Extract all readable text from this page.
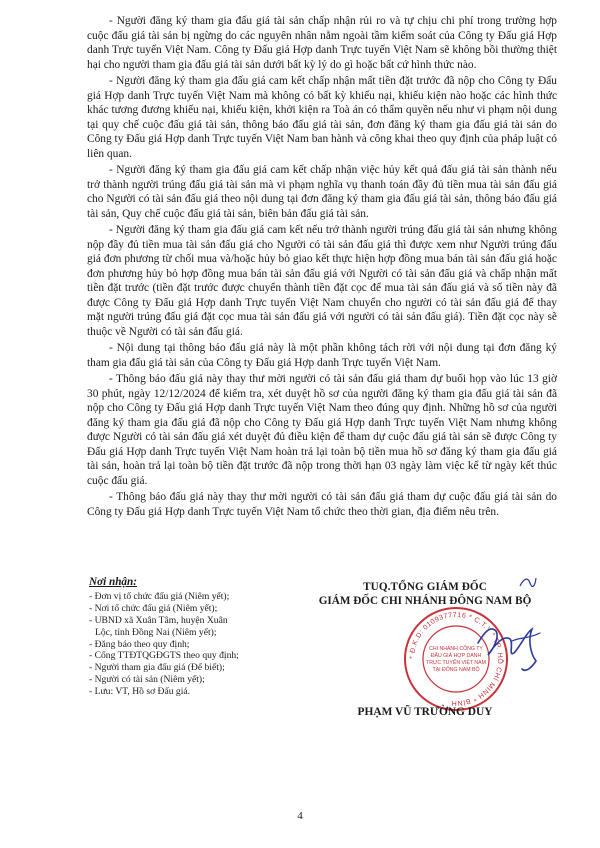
- Người đăng ký tham gia đấu giá tài sản chấp nhận rủi ro và tự chịu chi phí trong trường hợp cuộc đấu giá tài sản bị ngừng do các nguyên nhân nằm ngoài tầm kiểm soát của Công ty Đấu giá Hợp danh Trực tuyến Việt Nam. Công ty Đấu giá Hợp danh Trực tuyến Việt Nam sẽ không bồi thường thiệt hại cho người tham gia đấu giá tài sản dưới bất kỳ lý do gì hoặc bất cứ hình thức nào.

- Người đăng ký tham gia đấu giá cam kết chấp nhận mất tiền đặt trước đã nộp cho Công ty Đấu giá Hợp danh Trực tuyến Việt Nam mà không có bất kỳ khiếu nại, khiếu kiện nào hoặc các hình thức khác tương đương khiếu nại, khiếu kiện, khởi kiện ra Toà án có thẩm quyền nếu như vi phạm nội dung tại quy chế cuộc đấu giá tài sản, thông báo đấu giá tài sản, đơn đăng ký tham gia đấu giá tài sản do Công ty Đấu giá Hợp danh Trực tuyến Việt Nam ban hành và công khai theo quy định của pháp luật có liên quan.

- Người đăng ký tham gia đấu giá cam kết chấp nhận việc hủy kết quả đấu giá tài sản thành nếu trở thành người trúng đấu giá tài sản mà vi phạm nghĩa vụ thanh toán đầy đủ tiền mua tài sản đấu giá cho Người có tài sản đấu giá theo nội dung tại đơn đăng ký tham gia đấu giá tài sản, thông báo đấu giá tài sản, Quy chế cuộc đấu giá tài sản, biên bản đấu giá tài sản.

- Người đăng ký tham gia đấu giá cam kết nếu trở thành người trúng đấu giá tài sản nhưng không nộp đầy đủ tiền mua tài sản đấu giá cho Người có tài sản đấu giá thì được xem như Người trúng đấu giá đơn phương từ chối mua và/hoặc hủy bỏ giao kết thực hiện hợp đồng mua bán tài sản đấu giá hoặc đơn phương hủy bỏ hợp đồng mua bán tài sản đấu giá với Người có tài sản đấu giá và chấp nhận mất tiền đặt trước (tiền đặt trước được chuyển thành tiền đặt cọc để mua tài sản đấu giá và số tiền này đã được Công ty Đấu giá Hợp danh Trực tuyến Việt Nam chuyển cho người có tài sản đấu giá để thay mặt người trúng đấu giá đặt cọc mua tài sản đấu giá với người có tài sản đấu giá). Tiền đặt cọc này sẽ thuộc về Người có tài sản đấu giá.

- Nội dung tại thông báo đấu giá này là một phần không tách rời với nội dung tại đơn đăng ký tham gia đấu giá tài sản của Công ty Đấu giá Hợp danh Trực tuyến Việt Nam.

- Thông báo đấu giá này thay thư mời người có tài sản đấu giá tham dự buổi họp vào lúc 13 giờ 30 phút, ngày 12/12/2024 để kiểm tra, xét duyệt hồ sơ của người đăng ký tham gia đấu giá tài sản đã nộp cho Công ty Đấu giá Hợp danh Trực tuyến Việt Nam theo đúng quy định. Những hồ sơ của người đăng ký tham gia đấu giá đã nộp cho Công ty Đấu giá Hợp danh Trực tuyến Việt Nam nhưng không được Người có tài sản đấu giá xét duyệt đủ điều kiện để tham dự cuộc đấu giá tài sản sẽ được Công ty Đấu giá Hợp danh Trực tuyến Việt Nam hoàn trả lại toàn bộ tiền mua hồ sơ đăng ký tham gia đấu giá tài sản, hoàn trả lại toàn bộ tiền đặt trước đã nộp trong thời hạn 03 ngày làm việc kể từ ngày kết thúc cuộc đấu giá.

- Thông báo đấu giá này thay thư mời người có tài sản đấu giá tham dự cuộc đấu giá tài sản do Công ty Đấu giá Hợp danh Trực tuyến Việt Nam tổ chức theo thời gian, địa điểm nêu trên.

Nơi nhận:
- Đơn vị tổ chức đấu giá (Niêm yết);
- Nơi tổ chức đấu giá (Niêm yết);
- UBND xã Xuân Tâm, huyện Xuân
Lộc, tỉnh Đồng Nai (Niêm yết);
- Đăng báo theo quy định;
- Cổng TTĐTQGĐGTS theo quy định;
- Người tham gia đấu giá (Để biết);
- Người có tài sản (Niêm yết);
- Lưu: VT, Hồ sơ Đấu giá.
TUQ.TỔNG GIÁM ĐỐC
GIÁM ĐỐC CHI NHÁNH ĐÔNG NAM BỘ
* Đ.K.D: 0109377716 * C.T.Y * TP. HỒ CHÍ MINH * BÌNH
CHI NHÁNH CÔNG TY
ĐẤU GIÁ HỢP DANH
TRỰC TUYẾN VIỆT NAM
TẠI ĐÔNG NAM BỘ
PHẠM VŨ TRƯỜNG DUY
4
